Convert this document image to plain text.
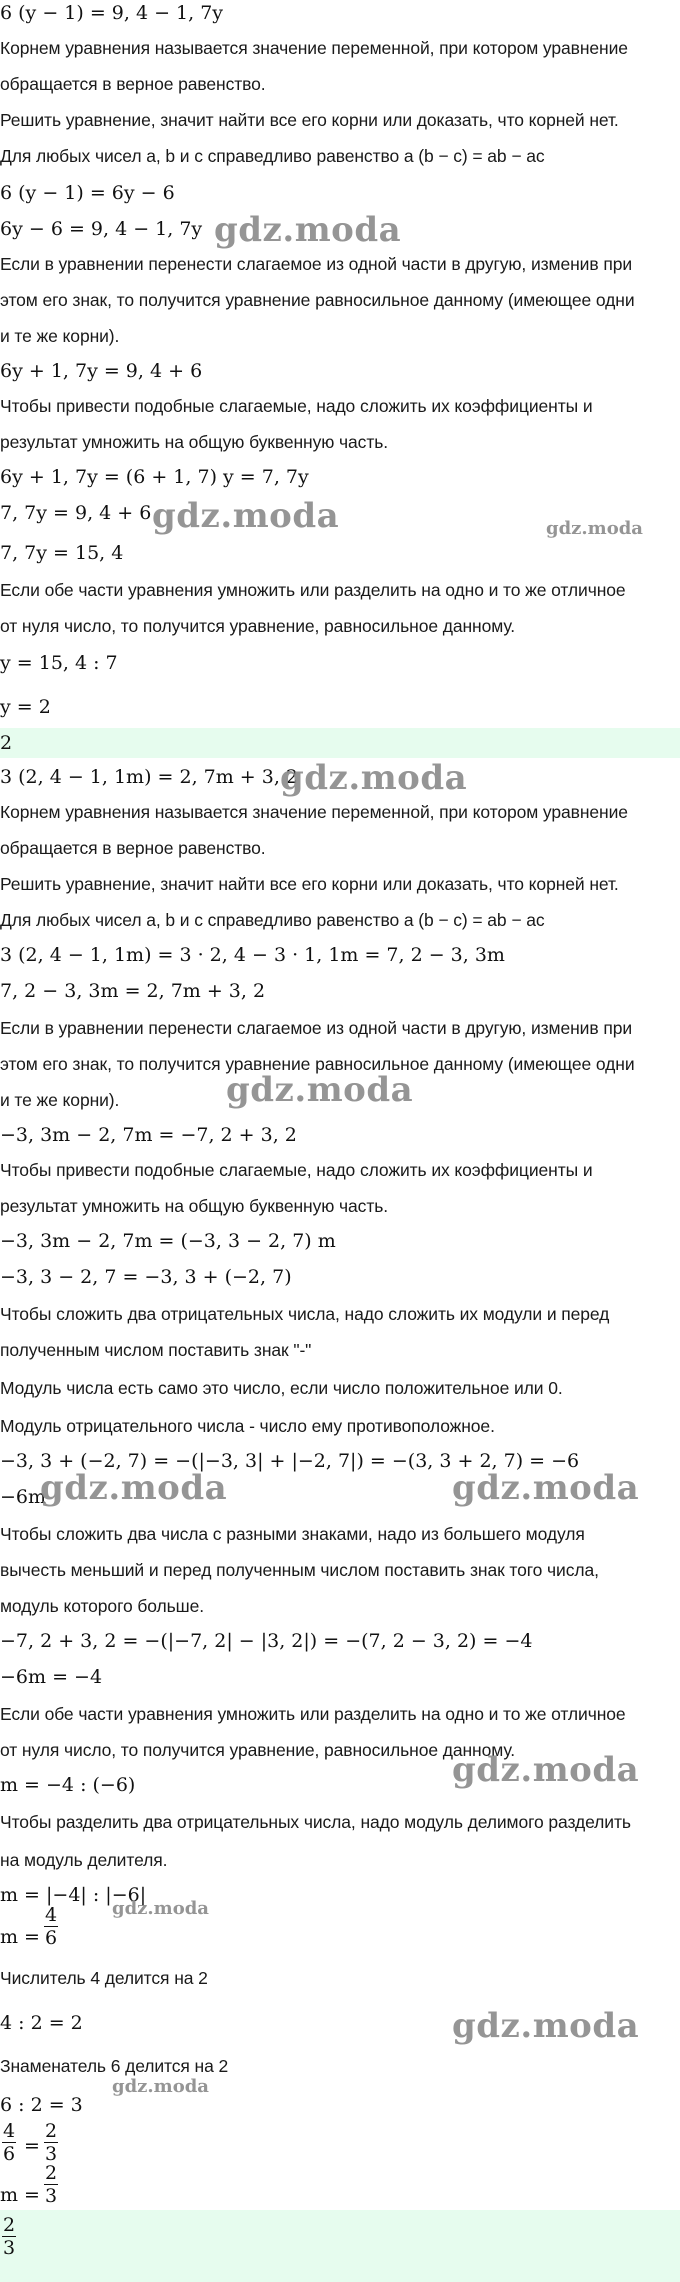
6 (y − 1) = 9, 4 − 1, 7y
Корнем уравнения называется значение переменной, при котором уравнение
обращается в верное равенство.
Решить уравнение, значит найти все его корни или доказать, что корней нет.
Для любых чисел a, b и c справедливо равенство a (b − c) = ab − ac
6 (y − 1) = 6y − 6
6y − 6 = 9, 4 − 1, 7y
Если в уравнении перенести слагаемое из одной части в другую, изменив при
этом его знак, то получится уравнение равносильное данному (имеющее одни
и те же корни).
6y + 1, 7y = 9, 4 + 6
Чтобы привести подобные слагаемые, надо сложить их коэффициенты и
результат умножить на общую буквенную часть.
6y + 1, 7y = (6 + 1, 7) y = 7, 7y
7, 7y = 9, 4 + 6
7, 7y = 15, 4
Если обе части уравнения умножить или разделить на одно и то же отличное
от нуля число, то получится уравнение, равносильное данному.
y = 15, 4 : 7
y = 2
2
3 (2, 4 − 1, 1m) = 2, 7m + 3, 2
Корнем уравнения называется значение переменной, при котором уравнение
обращается в верное равенство.
Решить уравнение, значит найти все его корни или доказать, что корней нет.
Для любых чисел a, b и c справедливо равенство a (b − c) = ab − ac
3 (2, 4 − 1, 1m) = 3 · 2, 4 − 3 · 1, 1m = 7, 2 − 3, 3m
7, 2 − 3, 3m = 2, 7m + 3, 2
Если в уравнении перенести слагаемое из одной части в другую, изменив при
этом его знак, то получится уравнение равносильное данному (имеющее одни
и те же корни).
−3, 3m − 2, 7m = −7, 2 + 3, 2
Чтобы привести подобные слагаемые, надо сложить их коэффициенты и
результат умножить на общую буквенную часть.
−3, 3m − 2, 7m = (−3, 3 − 2, 7) m
−3, 3 − 2, 7 = −3, 3 + (−2, 7)
Чтобы сложить два отрицательных числа, надо сложить их модули и перед
полученным числом поставить знак "-"
Модуль числа есть само это число, если число положительное или 0.
Модуль отрицательного числа - число ему противоположное.
−3, 3 + (−2, 7) = −(|−3, 3| + |−2, 7|) = −(3, 3 + 2, 7) = −6
−6m
Чтобы сложить два числа с разными знаками, надо из большего модуля
вычесть меньший и перед полученным числом поставить знак того числа,
модуль которого больше.
−7, 2 + 3, 2 = −(|−7, 2| − |3, 2|) = −(7, 2 − 3, 2) = −4
−6m = −4
Если обе части уравнения умножить или разделить на одно и то же отличное
от нуля число, то получится уравнение, равносильное данному.
m = −4 : (−6)
Чтобы разделить два отрицательных числа, надо модуль делимого разделить
на модуль делителя.
m = |−4| : |−6|
m =
4
6
Числитель 4 делится на 2
4 : 2 = 2
Знаменатель 6 делится на 2
6 : 2 = 3
4
6 =
2
3
m =
2
3
2
3
gdz.moda
gdz.moda	gdz.moda
gdz.moda
gdz.moda
gdz.moda	gdz.moda
gdz.moda
gdz.moda
gdz.moda
gdz.moda
